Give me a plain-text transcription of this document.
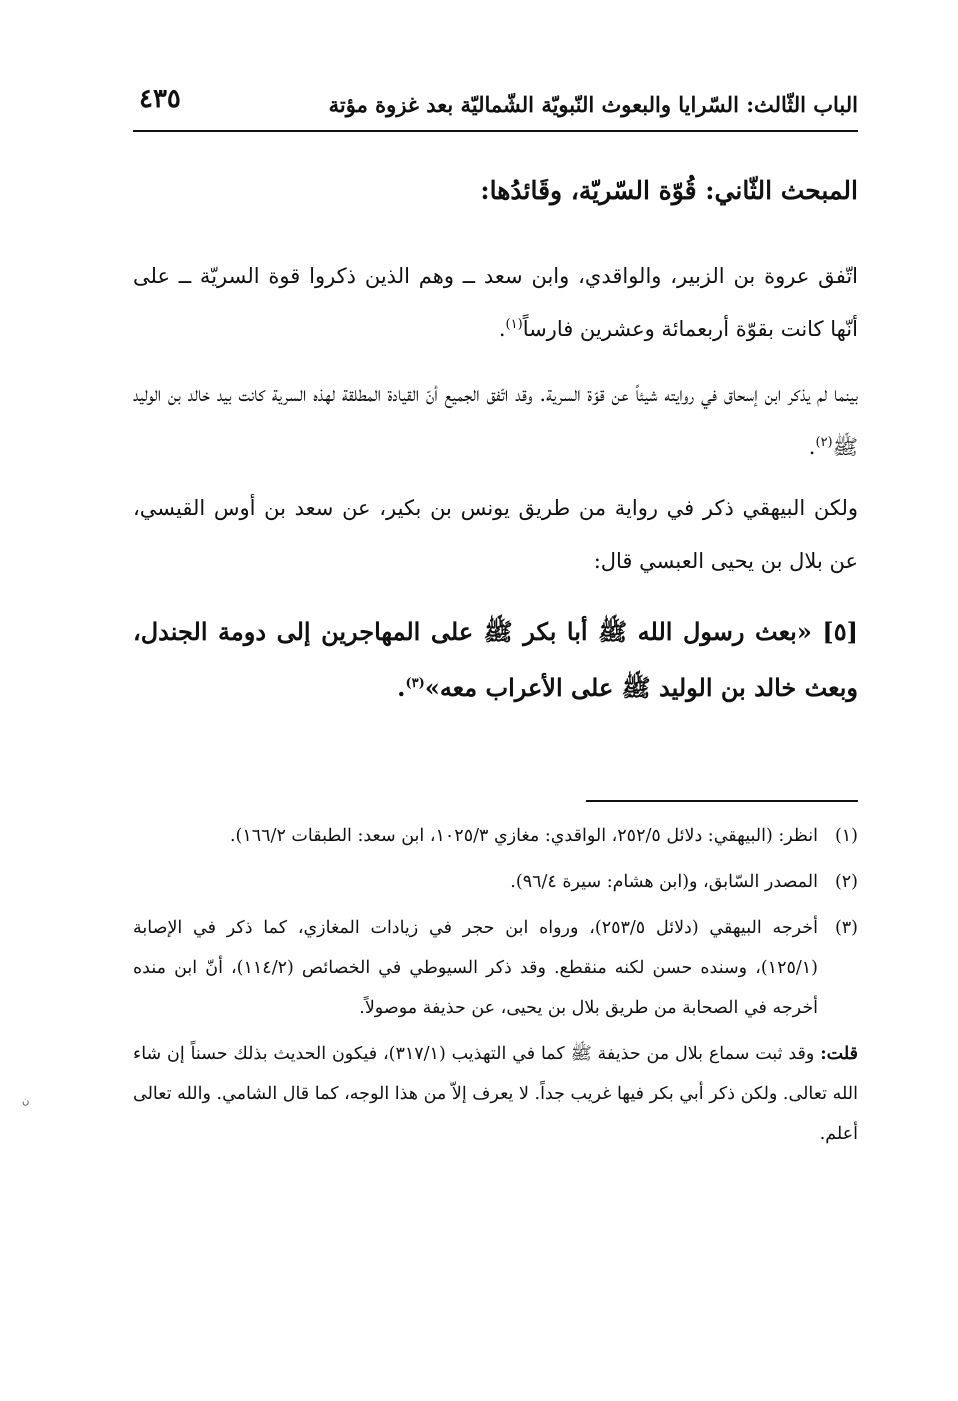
الباب الثّالث: السّرايا والبعوث النّبويّة الشّماليّة بعد غزوة مؤتة
٤٣٥
المبحث الثّاني: قُوّة السّريّة، وقَائدُها:
اتّفق عروة بن الزبير، والواقدي، وابن سعد ــ وهم الذين ذكروا قوة السريّة ــ على أنّها كانت بقوّة أربعمائة وعشرين فارساً$^{(١)}$.
بينما لم يذكر ابن إسحاق في روايته شيئاً عن قوّة السرية. وقد اتّفق الجميع أنّ القيادة المطلقة لهذه السرية كانت بيد خالد بن الوليد ﷺ$^{(٢)}$.
ولكن البيهقي ذكر في رواية من طريق يونس بن بكير، عن سعد بن أوس القيسي، عن بلال بن يحيى العبسي قال:
[٥] «بعث رسول الله ﷺ أبا بكر ﷺ على المهاجرين إلى دومة الجندل، وبعث خالد بن الوليد ﷺ على الأعراب معه»$^{(٣)}$.
(١)
انظر: (البيهقي: دلائل ٢٥٢/٥، الواقدي: مغازي ١٠٢٥/٣، ابن سعد: الطبقات ١٦٦/٢).
(٢)
المصدر السّابق، و(ابن هشام: سيرة ٩٦/٤).
(٣)
أخرجه البيهقي (دلائل ٢٥٣/٥)، ورواه ابن حجر في زيادات المغازي، كما ذكر في الإصابة (١٢٥/١)، وسنده حسن لكنه منقطع. وقد ذكر السيوطي في الخصائص (١١٤/٢)، أنّ ابن منده أخرجه في الصحابة من طريق بلال بن يحيى، عن حذيفة موصولاً.
قلت: وقد ثبت سماع بلال من حذيفة ﷺ كما في التهذيب (٣١٧/١)، فيكون الحديث بذلك حسناً إن شاء الله تعالى. ولكن ذكر أبي بكر فيها غريب جداً. لا يعرف إلاّ من هذا الوجه، كما قال الشامي. والله تعالى أعلم.
ن
